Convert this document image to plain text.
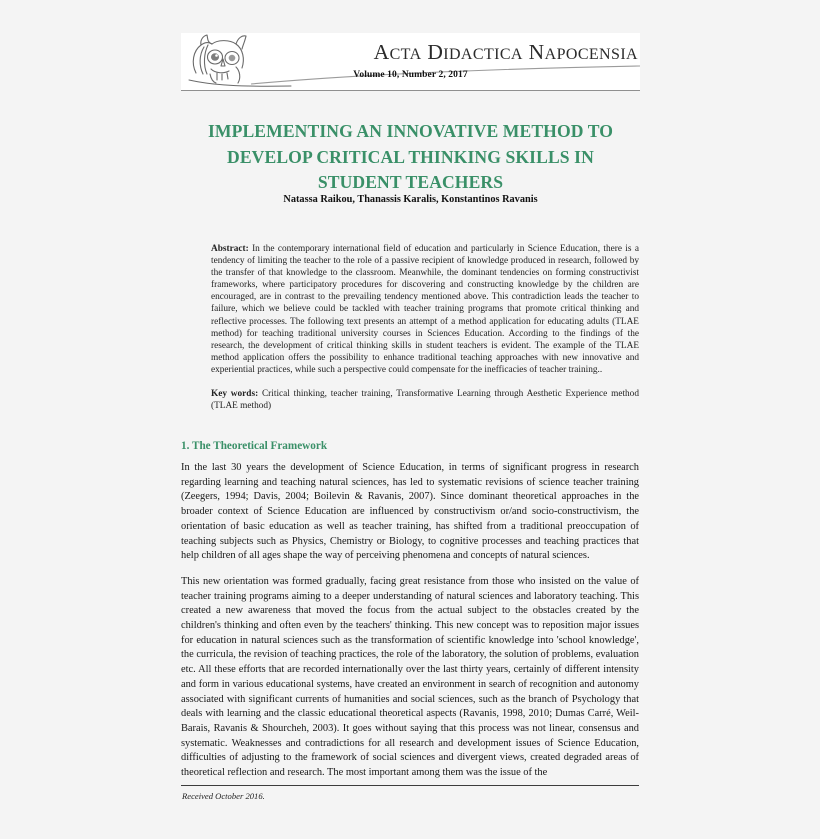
ACTA DIDACTICA NAPOCENSIA
Volume 10, Number 2, 2017
IMPLEMENTING AN INNOVATIVE METHOD TO
DEVELOP CRITICAL THINKING SKILLS IN
STUDENT TEACHERS
Natassa Raikou, Thanassis Karalis, Konstantinos Ravanis

Abstract: In the contemporary international field of education and particularly in Science Education, there is a tendency of limiting the teacher to the role of a passive recipient of knowledge produced in research, followed by the transfer of that knowledge to the classroom. Meanwhile, the dominant tendencies on forming constructivist frameworks, where participatory procedures for discovering and constructing knowledge by the children are encouraged, are in contrast to the prevailing tendency mentioned above. This contradiction leads the teacher to failure, which we believe could be tackled with teacher training programs that promote critical thinking and reflective processes. The following text presents an attempt of a method application for educating adults (TLAE method) for teaching traditional university courses in Sciences Education. According to the findings of the research, the development of critical thinking skills in student teachers is evident. The example of the TLAE method application offers the possibility to enhance traditional teaching approaches with new innovative and experiential practices, while such a perspective could compensate for the inefficacies of teacher training..

Key words: Critical thinking, teacher training, Transformative Learning through Aesthetic Experience method (TLAE method)

1. The Theoretical Framework

In the last 30 years the development of Science Education, in terms of significant progress in research regarding learning and teaching natural sciences, has led to systematic revisions of science teacher training (Zeegers, 1994; Davis, 2004; Boilevin & Ravanis, 2007). Since dominant theoretical approaches in the broader context of Science Education are influenced by constructivism or/and socio-constructivism, the orientation of basic education as well as teacher training, has shifted from a traditional preoccupation of teaching subjects such as Physics, Chemistry or Biology, to cognitive processes and teaching practices that help children of all ages shape the way of perceiving phenomena and concepts of natural sciences.

This new orientation was formed gradually, facing great resistance from those who insisted on the value of teacher training programs aiming to a deeper understanding of natural sciences and laboratory teaching. This created a new awareness that moved the focus from the actual subject to the obstacles created by the children's thinking and often even by the teachers' thinking. This new concept was to reposition major issues for education in natural sciences such as the transformation of scientific knowledge into 'school knowledge', the curricula, the revision of teaching practices, the role of the laboratory, the solution of problems, evaluation etc. All these efforts that are recorded internationally over the last thirty years, certainly of different intensity and form in various educational systems, have created an environment in search of recognition and autonomy associated with significant currents of humanities and social sciences, such as the branch of Psychology that deals with learning and the classic educational theoretical aspects (Ravanis, 1998, 2010; Dumas Carré, Weil-Barais, Ravanis & Shourcheh, 2003). It goes without saying that this process was not linear, consensus and systematic. Weaknesses and contradictions for all research and development issues of Science Education, difficulties of adjusting to the framework of social sciences and divergent views, created degraded areas of theoretical reflection and research. The most important among them was the issue of the

Received October 2016.
